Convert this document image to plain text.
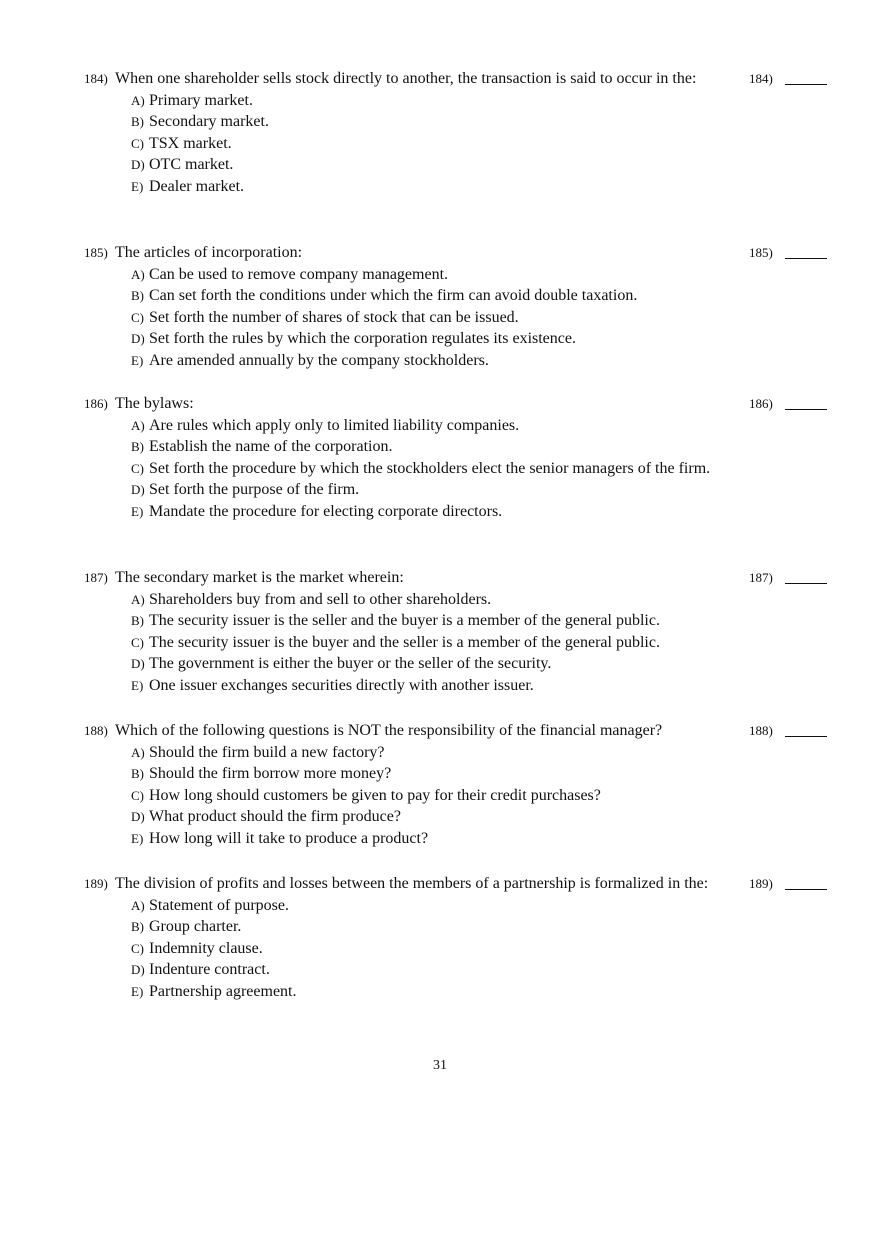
184) When one shareholder sells stock directly to another, the transaction is said to occur in the:	184)
A) Primary market.
B) Secondary market.
C) TSX market.
D) OTC market.
E) Dealer market.
185) The articles of incorporation:	185)
A) Can be used to remove company management.
B) Can set forth the conditions under which the firm can avoid double taxation.
C) Set forth the number of shares of stock that can be issued.
D) Set forth the rules by which the corporation regulates its existence.
E) Are amended annually by the company stockholders.
186) The bylaws:	186)
A) Are rules which apply only to limited liability companies.
B) Establish the name of the corporation.
C) Set forth the procedure by which the stockholders elect the senior managers of the firm.
D) Set forth the purpose of the firm.
E) Mandate the procedure for electing corporate directors.
187) The secondary market is the market wherein:	187)
A) Shareholders buy from and sell to other shareholders.
B) The security issuer is the seller and the buyer is a member of the general public.
C) The security issuer is the buyer and the seller is a member of the general public.
D) The government is either the buyer or the seller of the security.
E) One issuer exchanges securities directly with another issuer.
188) Which of the following questions is NOT the responsibility of the financial manager?	188)
A) Should the firm build a new factory?
B) Should the firm borrow more money?
C) How long should customers be given to pay for their credit purchases?
D) What product should the firm produce?
E) How long will it take to produce a product?
189) The division of profits and losses between the members of a partnership is formalized in the:	189)
A) Statement of purpose.
B) Group charter.
C) Indemnity clause.
D) Indenture contract.
E) Partnership agreement.
31
